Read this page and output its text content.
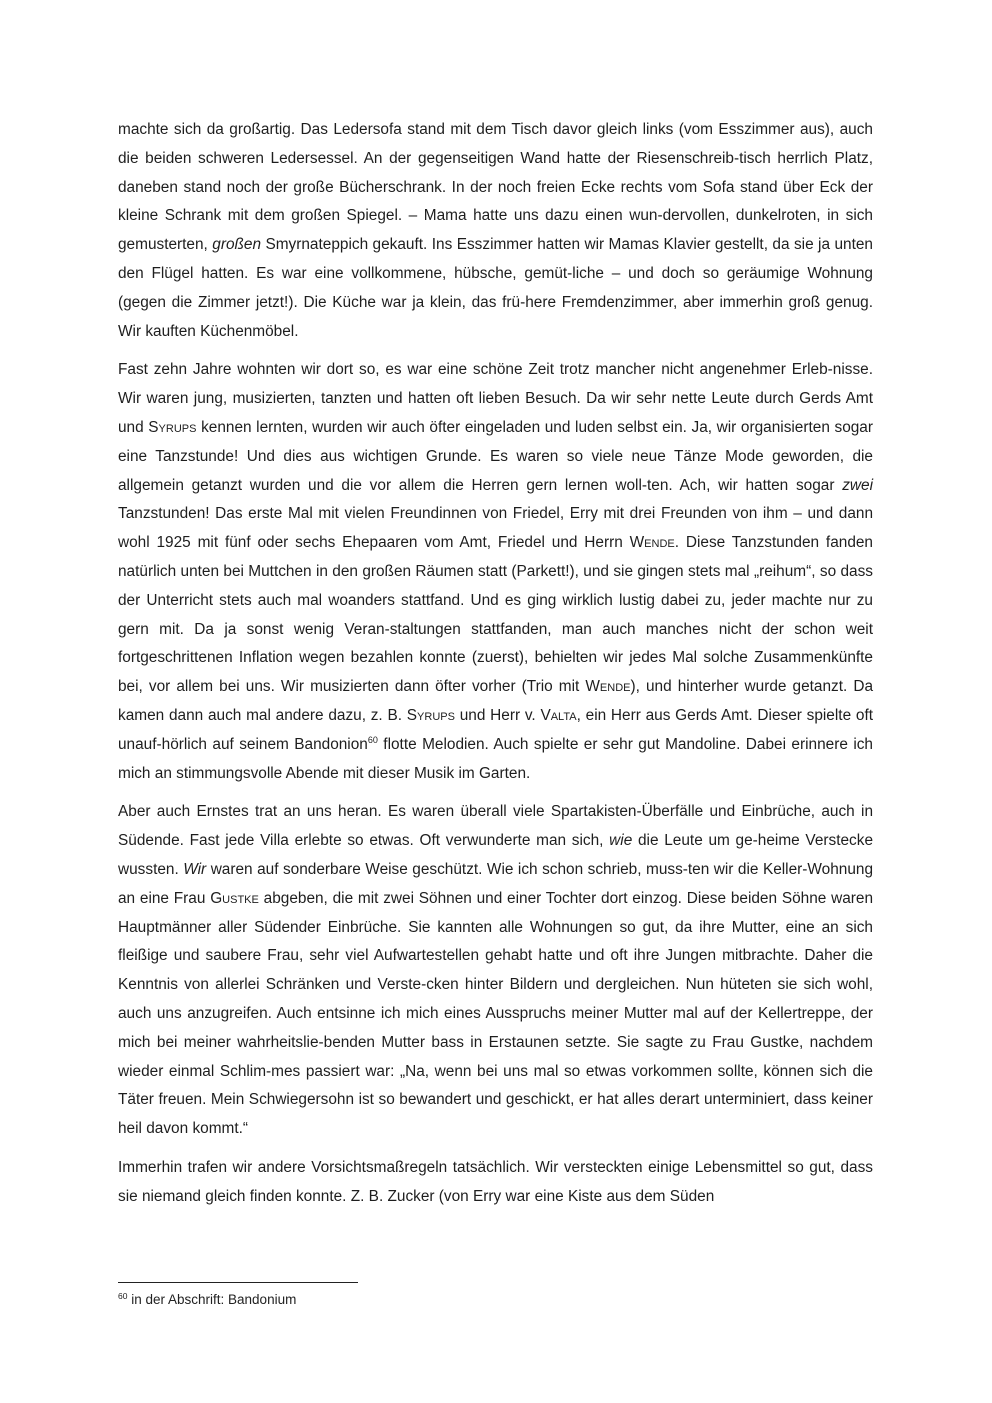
machte sich da großartig. Das Ledersofa stand mit dem Tisch davor gleich links (vom Esszimmer aus), auch die beiden schweren Ledersessel. An der gegenseitigen Wand hatte der Riesenschreib-tisch herrlich Platz, daneben stand noch der große Bücherschrank. In der noch freien Ecke rechts vom Sofa stand über Eck der kleine Schrank mit dem großen Spiegel. – Mama hatte uns dazu einen wun-dervollen, dunkelroten, in sich gemusterten, großen Smyrnateppich gekauft. Ins Esszimmer hatten wir Mamas Klavier gestellt, da sie ja unten den Flügel hatten. Es war eine vollkommene, hübsche, gemüt-liche – und doch so geräumige Wohnung (gegen die Zimmer jetzt!). Die Küche war ja klein, das frü-here Fremdenzimmer, aber immerhin groß genug. Wir kauften Küchenmöbel.

Fast zehn Jahre wohnten wir dort so, es war eine schöne Zeit trotz mancher nicht angenehmer Erleb-nisse. Wir waren jung, musizierten, tanzten und hatten oft lieben Besuch. Da wir sehr nette Leute durch Gerds Amt und Syrups kennen lernten, wurden wir auch öfter eingeladen und luden selbst ein. Ja, wir organisierten sogar eine Tanzstunde! Und dies aus wichtigen Grunde. Es waren so viele neue Tänze Mode geworden, die allgemein getanzt wurden und die vor allem die Herren gern lernen woll-ten. Ach, wir hatten sogar zwei Tanzstunden! Das erste Mal mit vielen Freundinnen von Friedel, Erry mit drei Freunden von ihm – und dann wohl 1925 mit fünf oder sechs Ehepaaren vom Amt, Friedel und Herrn Wende. Diese Tanzstunden fanden natürlich unten bei Muttchen in den großen Räumen statt (Parkett!), und sie gingen stets mal „reihum“, so dass der Unterricht stets auch mal woanders stattfand. Und es ging wirklich lustig dabei zu, jeder machte nur zu gern mit. Da ja sonst wenig Veran-staltungen stattfanden, man auch manches nicht der schon weit fortgeschrittenen Inflation wegen bezahlen konnte (zuerst), behielten wir jedes Mal solche Zusammenkünfte bei, vor allem bei uns. Wir musizierten dann öfter vorher (Trio mit Wende), und hinterher wurde getanzt. Da kamen dann auch mal andere dazu, z. B. Syrups und Herr v. Valta, ein Herr aus Gerds Amt. Dieser spielte oft unauf-hörlich auf seinem Bandonion$^{60}$ flotte Melodien. Auch spielte er sehr gut Mandoline. Dabei erinnere ich mich an stimmungsvolle Abende mit dieser Musik im Garten.

Aber auch Ernstes trat an uns heran. Es waren überall viele Spartakisten-Überfälle und Einbrüche, auch in Südende. Fast jede Villa erlebte so etwas. Oft verwunderte man sich, wie die Leute um ge-heime Verstecke wussten. Wir waren auf sonderbare Weise geschützt. Wie ich schon schrieb, muss-ten wir die Keller-Wohnung an eine Frau Gustke abgeben, die mit zwei Söhnen und einer Tochter dort einzog. Diese beiden Söhne waren Hauptmänner aller Südender Einbrüche. Sie kannten alle Wohnungen so gut, da ihre Mutter, eine an sich fleißige und saubere Frau, sehr viel Aufwartestellen gehabt hatte und oft ihre Jungen mitbrachte. Daher die Kenntnis von allerlei Schränken und Verste-cken hinter Bildern und dergleichen. Nun hüteten sie sich wohl, auch uns anzugreifen. Auch entsinne ich mich eines Ausspruchs meiner Mutter mal auf der Kellertreppe, der mich bei meiner wahrheitslie-benden Mutter bass in Erstaunen setzte. Sie sagte zu Frau Gustke, nachdem wieder einmal Schlim-mes passiert war: „Na, wenn bei uns mal so etwas vorkommen sollte, können sich die Täter freuen. Mein Schwiegersohn ist so bewandert und geschickt, er hat alles derart unterminiert, dass keiner heil davon kommt.“

Immerhin trafen wir andere Vorsichtsmaßregeln tatsächlich. Wir versteckten einige Lebensmittel so gut, dass sie niemand gleich finden konnte. Z. B. Zucker (von Erry war eine Kiste aus dem Süden

$^{60}$ in der Abschrift: Bandonium
